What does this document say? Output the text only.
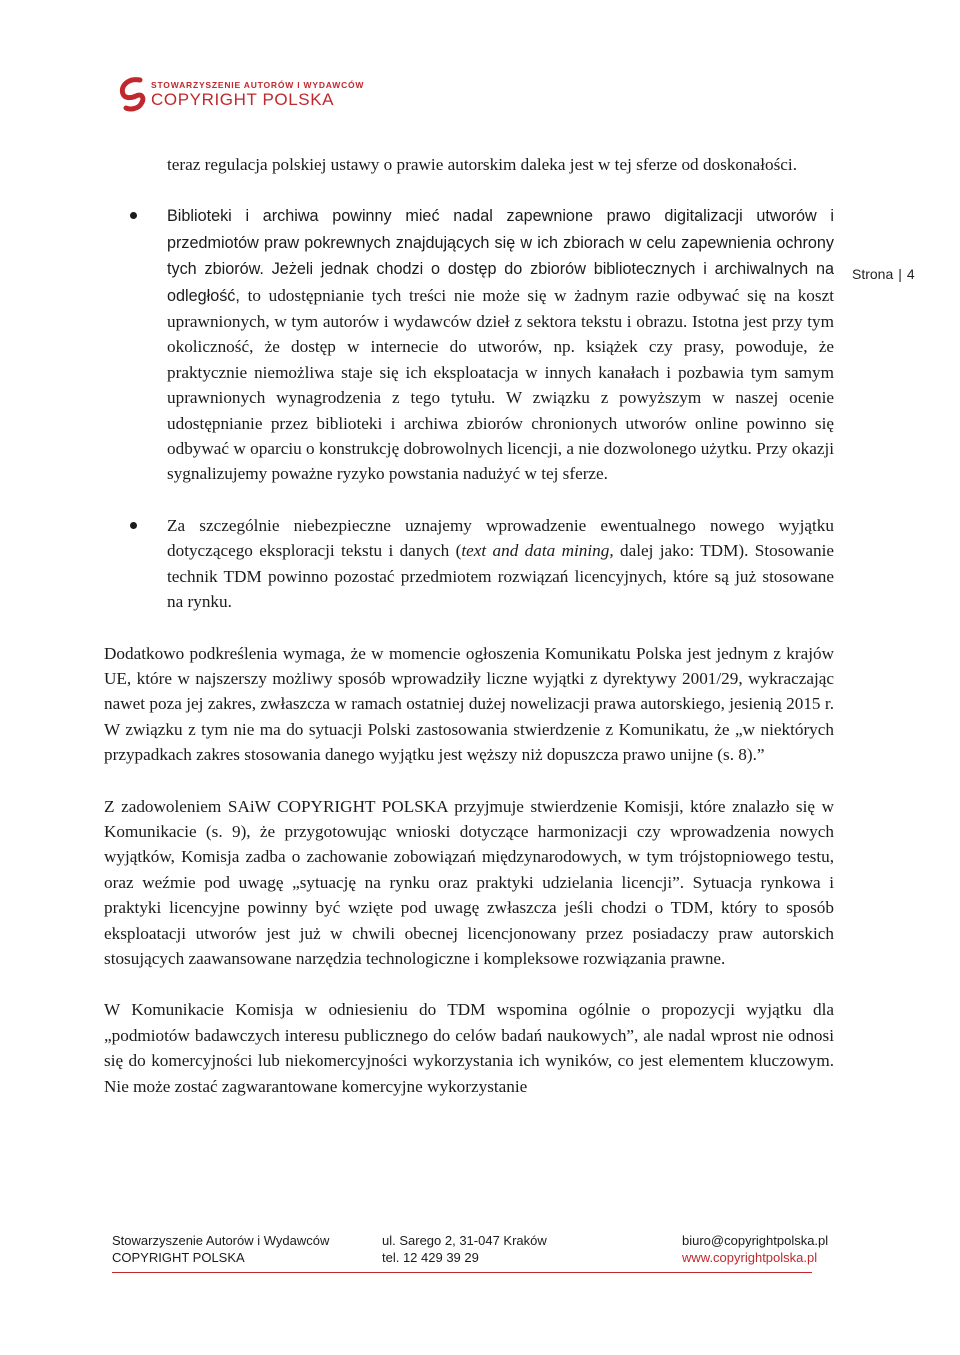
STOWARZYSZENIE AUTORÓW I WYDAWCÓW
COPYRIGHT POLSKA
Strona | 4

teraz regulacja polskiej ustawy o prawie autorskim daleka jest w tej sferze od doskonałości.

Biblioteki i archiwa powinny mieć nadal zapewnione prawo digitalizacji utworów i przedmiotów praw pokrewnych znajdujących się w ich zbiorach w celu zapewnienia ochrony tych zbiorów. Jeżeli jednak chodzi o dostęp do zbiorów bibliotecznych i archiwalnych na odległość, to udostępnianie tych treści nie może się w żadnym razie odbywać się na koszt uprawnionych, w tym autorów i wydawców dzieł z sektora tekstu i obrazu. Istotna jest przy tym okoliczność, że dostęp w internecie do utworów, np. książek czy prasy, powoduje, że praktycznie niemożliwa staje się ich eksploatacja w innych kanałach i pozbawia tym samym uprawnionych wynagrodzenia z tego tytułu. W związku z powyższym w naszej ocenie udostępnianie przez biblioteki i archiwa zbiorów chronionych utworów online powinno się odbywać w oparciu o konstrukcję dobrowolnych licencji, a nie dozwolonego użytku. Przy okazji sygnalizujemy poważne ryzyko powstania nadużyć w tej sferze.

Za szczególnie niebezpieczne uznajemy wprowadzenie ewentualnego nowego wyjątku dotyczącego eksploracji tekstu i danych (text and data mining, dalej jako: TDM). Stosowanie technik TDM powinno pozostać przedmiotem rozwiązań licencyjnych, które są już stosowane na rynku.

Dodatkowo podkreślenia wymaga, że w momencie ogłoszenia Komunikatu Polska jest jednym z krajów UE, które w najszerszy możliwy sposób wprowadziły liczne wyjątki z dyrektywy 2001/29, wykraczając nawet poza jej zakres, zwłaszcza w ramach ostatniej dużej nowelizacji prawa autorskiego, jesienią 2015 r. W związku z tym nie ma do sytuacji Polski zastosowania stwierdzenie z Komunikatu, że „w niektórych przypadkach zakres stosowania danego wyjątku jest węższy niż dopuszcza prawo unijne (s. 8).”

Z zadowoleniem SAiW COPYRIGHT POLSKA przyjmuje stwierdzenie Komisji, które znalazło się w Komunikacie (s. 9), że przygotowując wnioski dotyczące harmonizacji czy wprowadzenia nowych wyjątków, Komisja zadba o zachowanie zobowiązań międzynarodowych, w tym trójstopniowego testu, oraz weźmie pod uwagę „sytuację na rynku oraz praktyki udzielania licencji”. Sytuacja rynkowa i praktyki licencyjne powinny być wzięte pod uwagę zwłaszcza jeśli chodzi o TDM, który to sposób eksploatacji utworów jest już w chwili obecnej licencjonowany przez posiadaczy praw autorskich stosujących zaawansowane narzędzia technologiczne i kompleksowe rozwiązania prawne.

W Komunikacie Komisja w odniesieniu do TDM wspomina ogólnie o propozycji wyjątku dla „podmiotów badawczych interesu publicznego do celów badań naukowych”, ale nadal wprost nie odnosi się do komercyjności lub niekomercyjności wykorzystania ich wyników, co jest elementem kluczowym. Nie może zostać zagwarantowane komercyjne wykorzystanie

Stowarzyszenie Autorów i Wydawców
COPYRIGHT POLSKA
ul. Sarego 2, 31-047 Kraków
tel. 12 429 39 29
biuro@copyrightpolska.pl
www.copyrightpolska.pl
